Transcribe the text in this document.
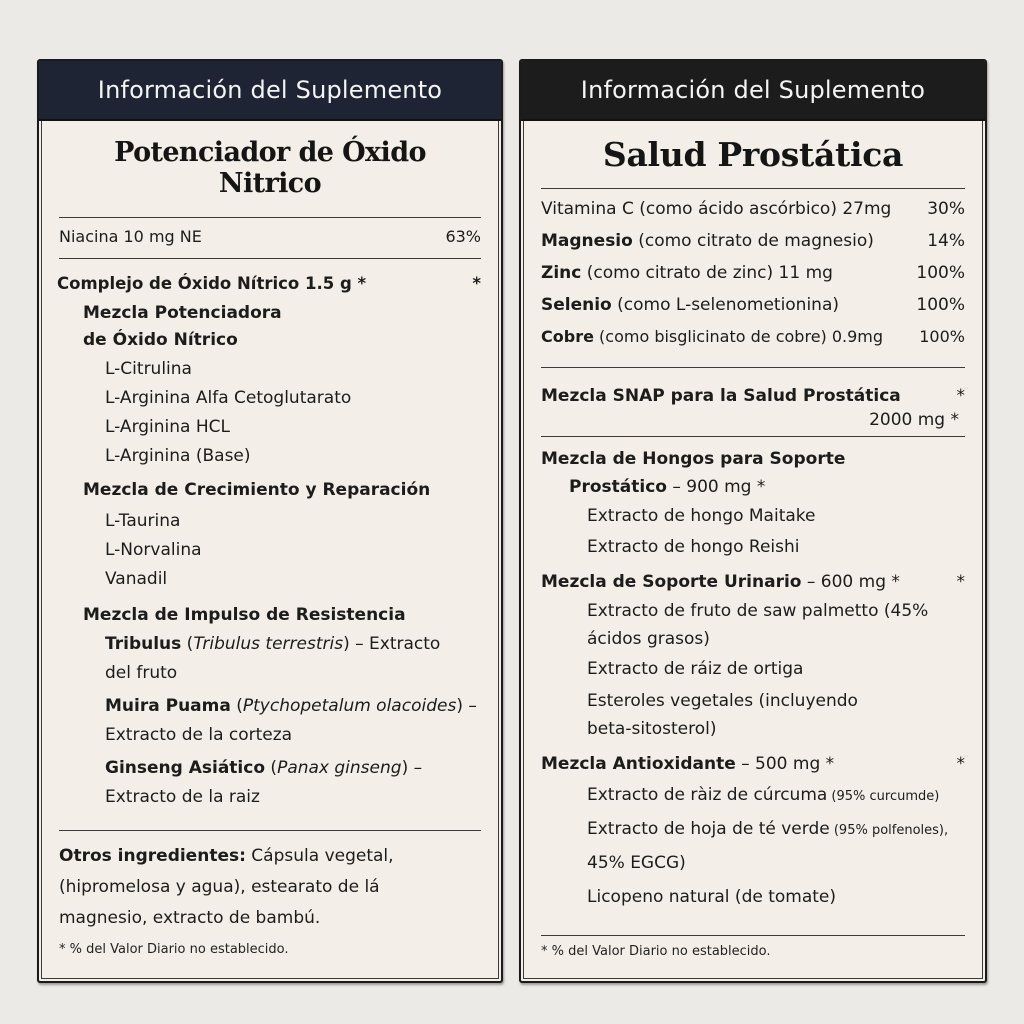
Información del Suplemento
Potenciador de Óxido Nitrico
Niacina 10 mg NE	63%
Complejo de Óxido Nítrico 1.5 g *	*
Mezcla Potenciadora
de Óxido Nítrico
L-Citrulina
L-Arginina Alfa Cetoglutarato
L-Arginina HCL
L-Arginina (Base)
Mezcla de Crecimiento y Reparación
L-Taurina
L-Norvalina
Vanadil
Mezcla de Impulso de Resistencia
Tribulus (Tribulus terrestris) – Extracto
del fruto
Muira Puama (Ptychopetalum olacoides) –
Extracto de la corteza
Ginseng Asiático (Panax ginseng) –
Extracto de la raiz
Otros ingredientes: Cápsula vegetal,
(hipromelosa y agua), estearato de lá
magnesio, extracto de bambú.
* % del Valor Diario no establecido.
Información del Suplemento
Salud Prostática
Vitamina C (como ácido ascórbico) 27mg 30%
Magnesio (como citrato de magnesio)	14%
Zinc (como citrato de zinc) 11 mg	100%
Selenio (como L-selenometionina)	100%
Cobre (como bisglicinato de cobre) 0.9mg 100%
Mezcla SNAP para la Salud Prostática	*
2000 mg *
Mezcla de Hongos para Soporte
Prostático – 900 mg *
Extracto de hongo Maitake
Extracto de hongo Reishi
Mezcla de Soporte Urinario – 600 mg *	*
Extracto de fruto de saw palmetto (45%
ácidos grasos)
Extracto de ráiz de ortiga
Esteroles vegetales (incluyendo
beta-sitosterol)
Mezcla Antioxidante – 500 mg *	*
Extracto de ràiz de cúrcuma (95% curcumde)
Extracto de hoja de té verde (95% polfenoles),
45% EGCG)
Licopeno natural (de tomate)
* % del Valor Diario no establecido.
